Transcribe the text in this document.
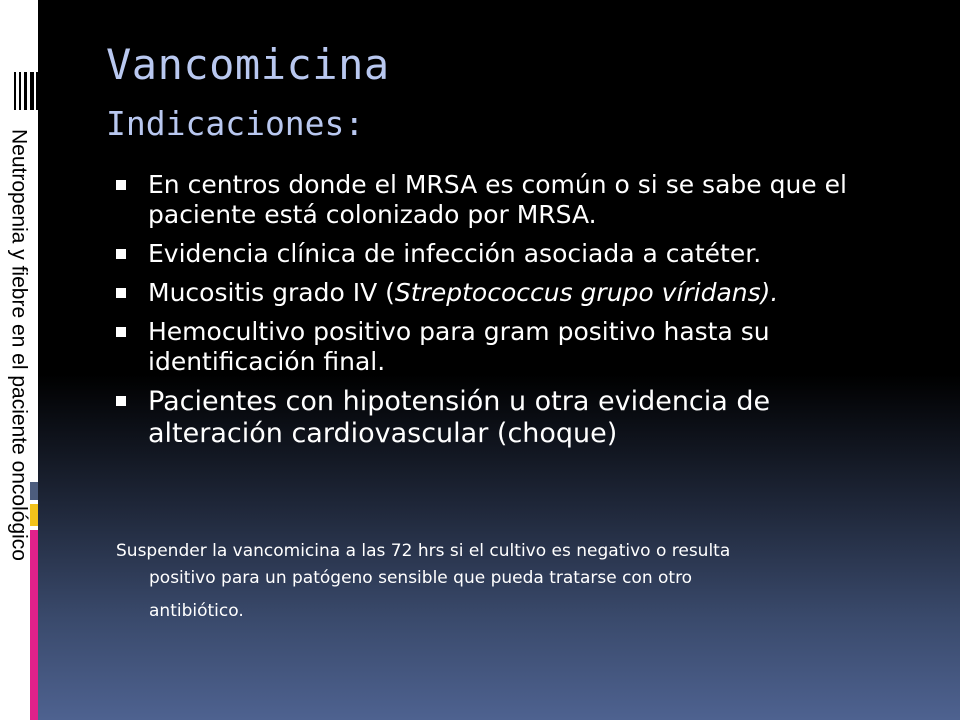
Neutropenia y fiebre en el paciente oncológico
Vancomicina
Indicaciones:
En centros donde el MRSA es común o si se sabe que el paciente está colonizado por MRSA.
Evidencia clínica de infección asociada a catéter.
Mucositis grado IV (Streptococcus grupo víridans).
Hemocultivo positivo para gram positivo hasta su identificación final.
Pacientes con hipotensión u otra evidencia de alteración cardiovascular (choque)
Suspender la vancomicina a las 72 hrs si el cultivo es negativo o resulta
positivo para un patógeno sensible que pueda tratarse con otro
antibiótico.
